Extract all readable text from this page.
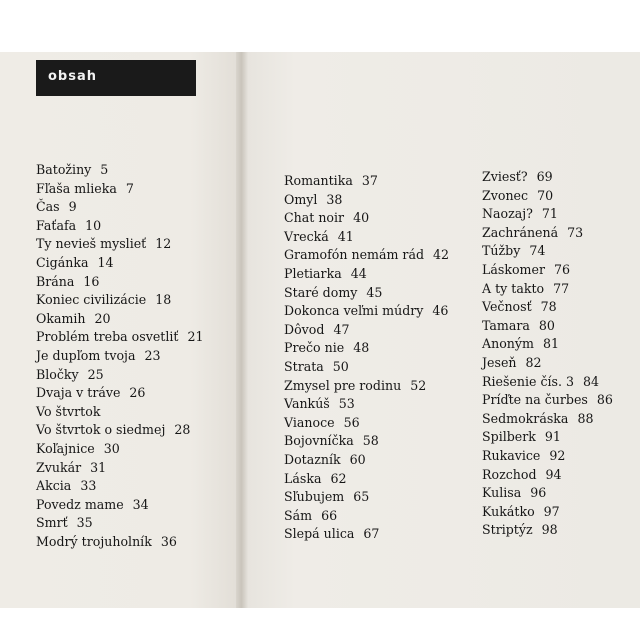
obsah
Batožiny 5
Fľaša mlieka 7
Čas 9
Faťafa 10
Ty nevieš myslieť 12
Cigánka 14
Brána 16
Koniec civilizácie 18
Okamih 20
Problém treba osvetliť 21
Je dupľom tvoja 23
Bločky 25
Dvaja v tráve 26
Vo štvrtok
Vo štvrtok o siedmej 28
Koľajnice 30
Zvukár 31
Akcia 33
Povedz mame 34
Smrť 35
Modrý trojuholník 36
Romantika 37
Omyl 38
Chat noir 40
Vrecká 41
Gramofón nemám rád 42
Pletiarka 44
Staré domy 45
Dokonca veľmi múdry 46
Dôvod 47
Prečo nie 48
Strata 50
Zmysel pre rodinu 52
Vankúš 53
Vianoce 56
Bojovníčka 58
Dotazník 60
Láska 62
Sľubujem 65
Sám 66
Slepá ulica 67
Zviesť? 69
Zvonec 70
Naozaj? 71
Zachránená 73
Túžby 74
Láskomer 76
A ty takto 77
Večnosť 78
Tamara 80
Anoným 81
Jeseň 82
Riešenie čís. 3 84
Príďte na čurbes 86
Sedmokráska 88
Spilberk 91
Rukavice 92
Rozchod 94
Kulisa 96
Kukátko 97
Striptýz 98
